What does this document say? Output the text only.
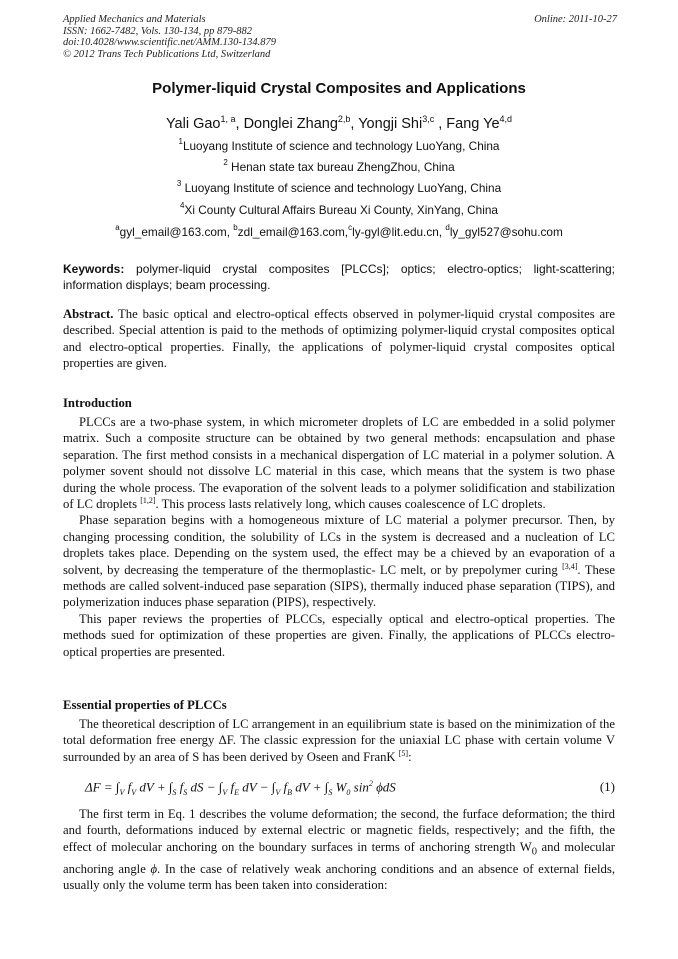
Applied Mechanics and Materials
ISSN: 1662-7482, Vols. 130-134, pp 879-882
doi:10.4028/www.scientific.net/AMM.130-134.879
© 2012 Trans Tech Publications Ltd, Switzerland
Online: 2011-10-27
Polymer-liquid Crystal Composites and Applications
Yali Gao$^{1, a}$, Donglei Zhang$^{2,b}$, Yongji Shi$^{3,c}$ , Fang Ye$^{4,d}$
$^1$Luoyang Institute of science and technology LuoYang, China
$^2$ Henan state tax bureau ZhengZhou, China
$^3$ Luoyang Institute of science and technology LuoYang, China
$^4$Xi County Cultural Affairs Bureau Xi County, XinYang, China
$^a$gyl_email@163.com, $^b$zdl_email@163.com,$^c$ly-gyl@lit.edu.cn, $^d$ly_gyl527@sohu.com
Keywords: polymer-liquid crystal composites [PLCCs]; optics; electro-optics; light-scattering; information displays; beam processing.
Abstract. The basic optical and electro-optical effects observed in polymer-liquid crystal composites are described. Special attention is paid to the methods of optimizing polymer-liquid crystal composites optical and electro-optical properties. Finally, the applications of polymer-liquid crystal composites optical properties are given.
Introduction

PLCCs are a two-phase system, in which micrometer droplets of LC are embedded in a solid polymer matrix. Such a composite structure can be obtained by two general methods: encapsulation and phase separation. The first method consists in a mechanical dispergation of LC material in a polymer solution. A polymer sovent should not dissolve LC material in this case, which means that the system is two phase during the whole process. The evaporation of the solvent leads to a polymer solidification and stabilization of LC droplets [1,2]. This process lasts relatively long, which causes coalescence of LC droplets.

Phase separation begins with a homogeneous mixture of LC material a polymer precursor. Then, by changing processing condition, the solubility of LCs in the system is decreased and a nucleation of LC droplets takes place. Depending on the system used, the effect may be a chieved by an evaporation of a solvent, by decreasing the temperature of the thermoplastic- LC melt, or by prepolymer curing [3,4]. These methods are called solvent-induced pase separation (SIPS), thermally induced phase separation (TIPS), and polymerization induces phase separation (PIPS), respectively.

This paper reviews the properties of PLCCs, especially optical and electro-optical properties. The methods sued for optimization of these properties are given. Finally, the applications of PLCCs electro-optical properties are presented.

Essential properties of PLCCs

The theoretical description of LC arrangement in an equilibrium state is based on the minimization of the total deformation free energy ΔF. The classic expression for the uniaxial LC phase with certain volume V surrounded by an area of S has been derived by Oseen and FranK [5]:

$\Delta F = \int_V$ $f_V$ dV + $\int_S$ $f_S$ dS − $\int_V$ $f_E$ dV − $\int_V$ $f_B$ dV + $\int_S$ $W_0$ $\sin^2 \phi dS$	(1)

The first term in Eq. 1 describes the volume deformation; the second, the furface deformation; the third and fourth, deformations induced by external electric or magnetic fields, respectively; and the fifth, the effect of molecular anchoring on the boundary surfaces in terms of anchoring strength $W_0$ and molecular anchoring angle ϕ. In the case of relatively weak anchoring conditions and an absence of external fields, usually only the volume term has been taken into consideration:
